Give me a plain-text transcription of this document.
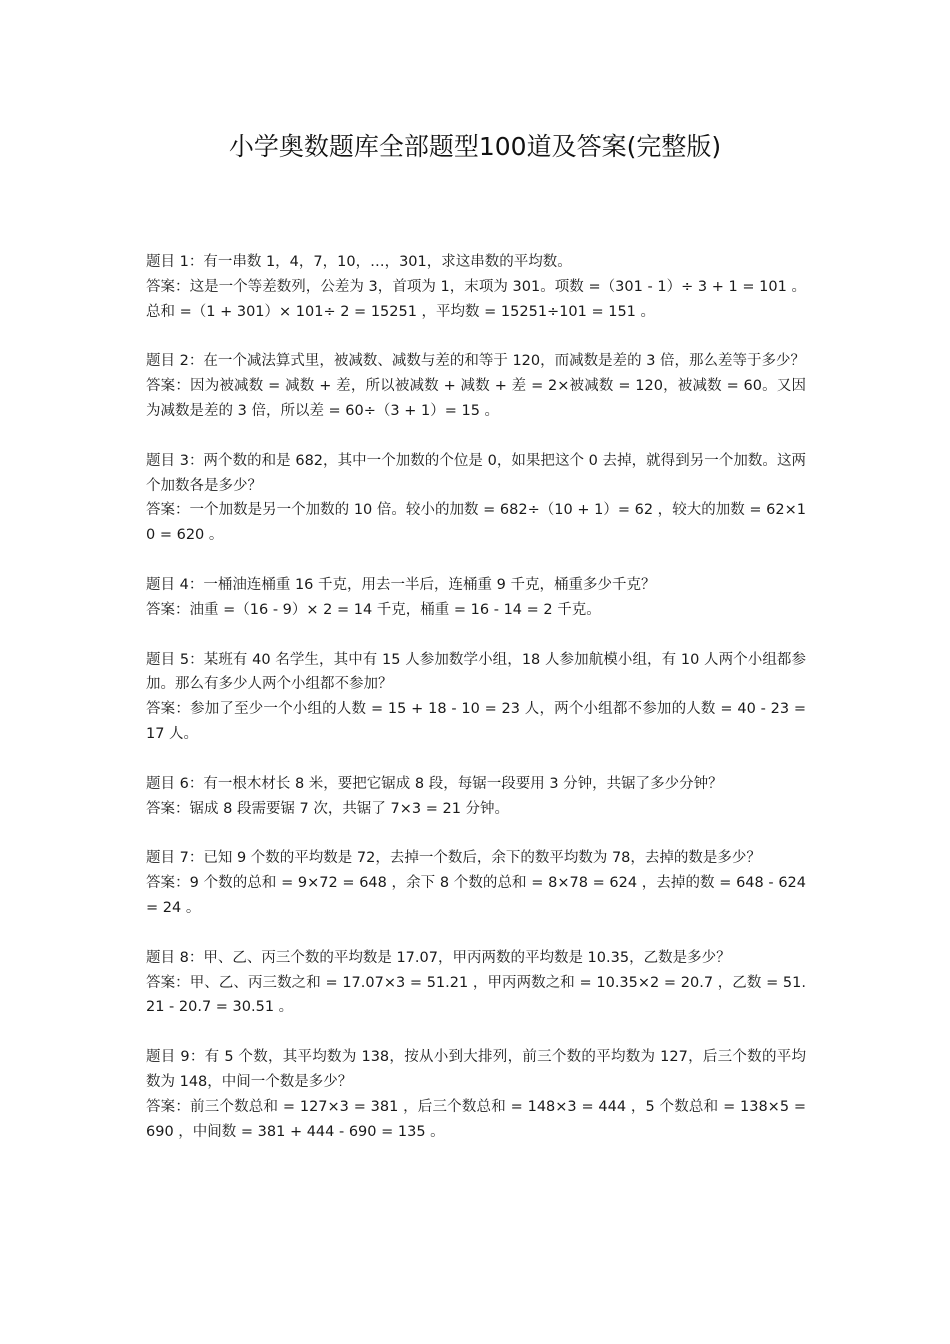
小学奥数题库全部题型100道及答案(完整版)

题目 1：有一串数 1，4，7，10，…，301，求这串数的平均数。

答案：这是一个等差数列，公差为 3，首项为 1，末项为 301。项数 =（301 - 1）÷ 3 + 1 = 101 。总和 =（1 + 301）× 101÷ 2 = 15251 ，平均数 = 15251÷101 = 151 。

题目 2：在一个减法算式里，被减数、减数与差的和等于 120，而减数是差的 3 倍，那么差等于多少？

答案：因为被减数 = 减数 + 差，所以被减数 + 减数 + 差 = 2×被减数 = 120，被减数 = 60。又因为减数是差的 3 倍，所以差 = 60÷（3 + 1）= 15 。

题目 3：两个数的和是 682，其中一个加数的个位是 0，如果把这个 0 去掉，就得到另一个加数。这两个加数各是多少？

答案：一个加数是另一个加数的 10 倍。较小的加数 = 682÷（10 + 1）= 62 ，较大的加数 = 62×10 = 620 。

题目 4：一桶油连桶重 16 千克，用去一半后，连桶重 9 千克，桶重多少千克？

答案：油重 =（16 - 9）× 2 = 14 千克，桶重 = 16 - 14 = 2 千克。

题目 5：某班有 40 名学生，其中有 15 人参加数学小组，18 人参加航模小组，有 10 人两个小组都参加。那么有多少人两个小组都不参加？

答案：参加了至少一个小组的人数 = 15 + 18 - 10 = 23 人，两个小组都不参加的人数 = 40 - 23 = 17 人。

题目 6：有一根木材长 8 米，要把它锯成 8 段，每锯一段要用 3 分钟，共锯了多少分钟？

答案：锯成 8 段需要锯 7 次，共锯了 7×3 = 21 分钟。

题目 7：已知 9 个数的平均数是 72，去掉一个数后，余下的数平均数为 78，去掉的数是多少？

答案：9 个数的总和 = 9×72 = 648 ，余下 8 个数的总和 = 8×78 = 624 ，去掉的数 = 648 - 624 = 24 。

题目 8：甲、乙、丙三个数的平均数是 17.07，甲丙两数的平均数是 10.35，乙数是多少？

答案：甲、乙、丙三数之和 = 17.07×3 = 51.21 ，甲丙两数之和 = 10.35×2 = 20.7 ，乙数 = 51.21 - 20.7 = 30.51 。

题目 9：有 5 个数，其平均数为 138，按从小到大排列，前三个数的平均数为 127，后三个数的平均数为 148，中间一个数是多少？

答案：前三个数总和 = 127×3 = 381 ，后三个数总和 = 148×3 = 444 ，5 个数总和 = 138×5 = 690 ，中间数 = 381 + 444 - 690 = 135 。
